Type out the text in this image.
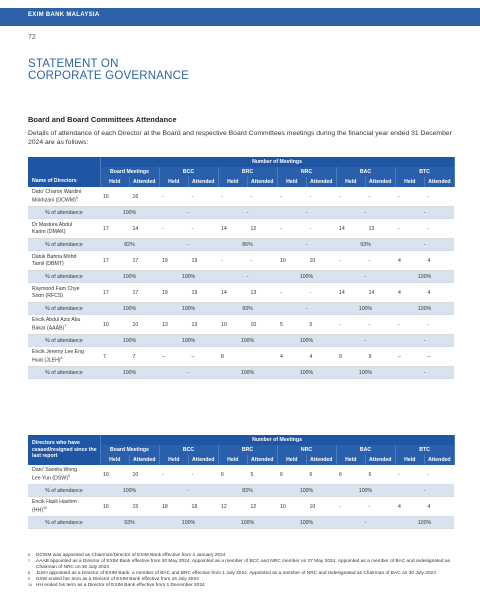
EXIM BANK MALAYSIA
72
STATEMENT ON
CORPORATE GOVERNANCE
Board and Board Committees Attendance
Details of attendance of each Director at the Board and respective Board Committees meetings during the financial year ended 31 December 2024 are as follows:
Name of Directors	Number of Meetings											
	Board Meetings		BCC		BRC		NRC		BAC		BTC	
	Held	Attended	Held	Attended	Held	Attended	Held	Attended	Held	Attended	Held	Attended

Dato' Charon Wardini
Mokhzani (DCWM)$^6$	16	16	-	-	-	-	-	-	-	-	-	-
% of attendance	100%		-		-		-		-		-	

Dr Mastura Abdul
Karim (DMAK)	17	14	-	-	14	12	-	-	14	13	-	-
% of attendance	82%		-		86%		-		93%		-	

Datuk Bahria Mohd
Tamil (DBMT)	17	17	19	19	-	-	10	10	-	-	4	4
% of attendance	100%		100%		-		100%		-		100%	

Raymond Fam Chye
Soon (RFCS)	17	17	19	19	14	13	-	-	14	14	4	4
% of attendance	100%		100%		93%		-		100%		100%	

Encik Abdul Aziz Abu
Bakar (AAAB)$^7$	10	10	13	13	10	10	5	5	-	-	-	-
% of attendance	100%		100%		100%		100%		-		-	

Encik Jeremy Lee Eng
Huat (JLEH)$^8$	7	7	–	–	8		4	4	9	9	–	–
% of attendance	100%		-		100%		100%		100%		-	
Directors who have ceased/resigned since the last report	Number of Meetings											
	Board Meetings		BCC		BRC		NRC		BAC		BTC	
	Held	Attended	Held	Attended	Held	Attended	Held	Attended	Held	Attended	Held	Attended

Dato' Sandra Wong
Lee Yun (DSW)$^9$	10	10	-	-	6	5	6	6	6	6	-	-
% of attendance	100%		-		83%		100%		100%		-	

Encik Hasli Hashim
(HH)$^{10}$	16	15	18	18	12	12	10	10	-	-	4	4
% of attendance	93%		100%		100%		100%		-		100%	
6 DCWM was appointed as Chairman/Director of EXIM Bank effective from 4 January 2024
7 AAAB appointed as a Director of EXIM Bank effective from 20 May 2024. Appointed as a member of BCC and NRC member on 27 May 2024. Appointed as a member of BAC and redesignated as Chairman of NRC on 30 July 2024
8 JLEH appointed as a Director of EXIM Bank, a member of BAC and BRC effective from 1 July 2024. Appointed as a member of NRC and redesignated as Chairman of BAC on 30 July 2024
9 DSW ended her term as a Director of EXIM Bank effective from 15 July 2024
10 HH ended his term as a Director of EXIM Bank effective from 1 December 2024
